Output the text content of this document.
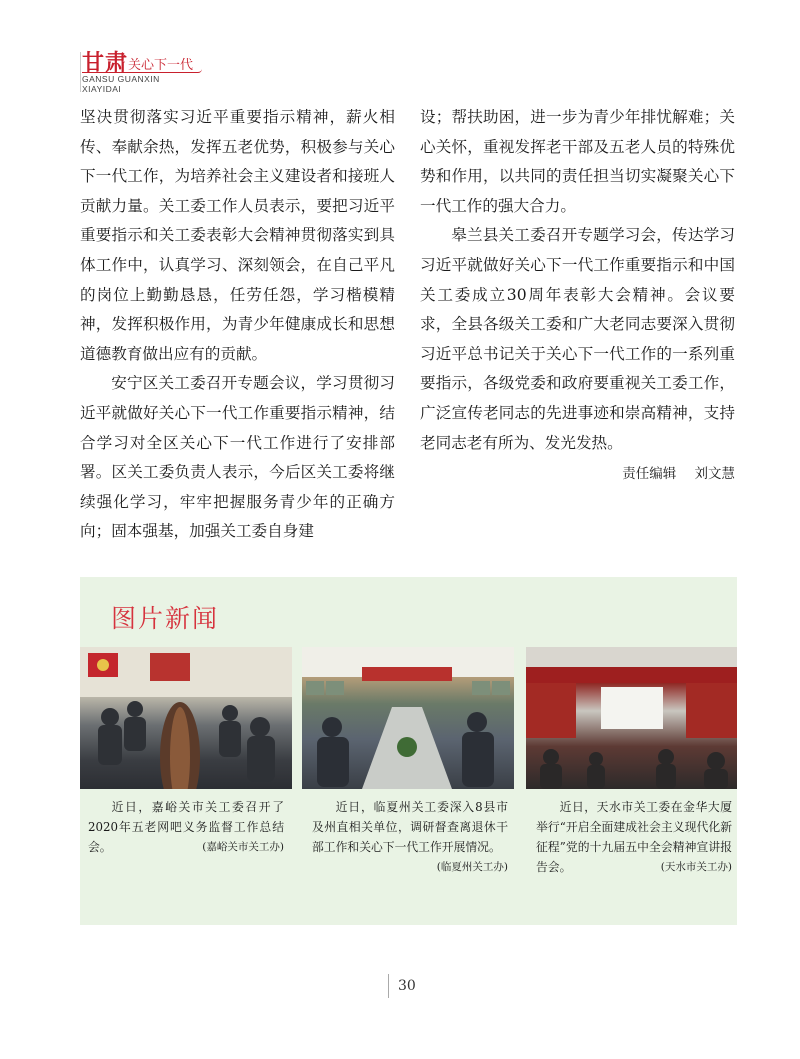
甘肃 关心下一代
GANSU GUANXIN
XIAYIDAI

坚决贯彻落实习近平重要指示精神，薪火相传、奉献余热，发挥五老优势，积极参与关心下一代工作，为培养社会主义建设者和接班人贡献力量。关工委工作人员表示，要把习近平重要指示和关工委表彰大会精神贯彻落实到具体工作中，认真学习、深刻领会，在自己平凡的岗位上勤勤恳恳，任劳任怨，学习楷模精神，发挥积极作用，为青少年健康成长和思想道德教育做出应有的贡献。

安宁区关工委召开专题会议，学习贯彻习近平就做好关心下一代工作重要指示精神，结合学习对全区关心下一代工作进行了安排部署。区关工委负责人表示，今后区关工委将继续强化学习，牢牢把握服务青少年的正确方向；固本强基，加强关工委自身建

设；帮扶助困，进一步为青少年排忧解难；关心关怀，重视发挥老干部及五老人员的特殊优势和作用，以共同的责任担当切实凝聚关心下一代工作的强大合力。

皋兰县关工委召开专题学习会，传达学习习近平就做好关心下一代工作重要指示和中国关工委成立30周年表彰大会精神。会议要求，全县各级关工委和广大老同志要深入贯彻习近平总书记关于关心下一代工作的一系列重要指示，各级党委和政府要重视关工委工作，广泛宣传老同志的先进事迹和崇高精神，支持老同志老有所为、发光发热。

责任编辑 刘文慧
图片新闻
近日，嘉峪关市关工委召开了2020年五老网吧义务监督工作总结会。	(嘉峪关市关工办)
近日，临夏州关工委深入8县市及州直相关单位，调研督查离退休干部工作和关心下一代工作开展情况。
(临夏州关工办)
近日，天水市关工委在金华大厦举行“开启全面建成社会主义现代化新征程”党的十九届五中全会精神宣讲报告会。	(天水市关工办)
30
